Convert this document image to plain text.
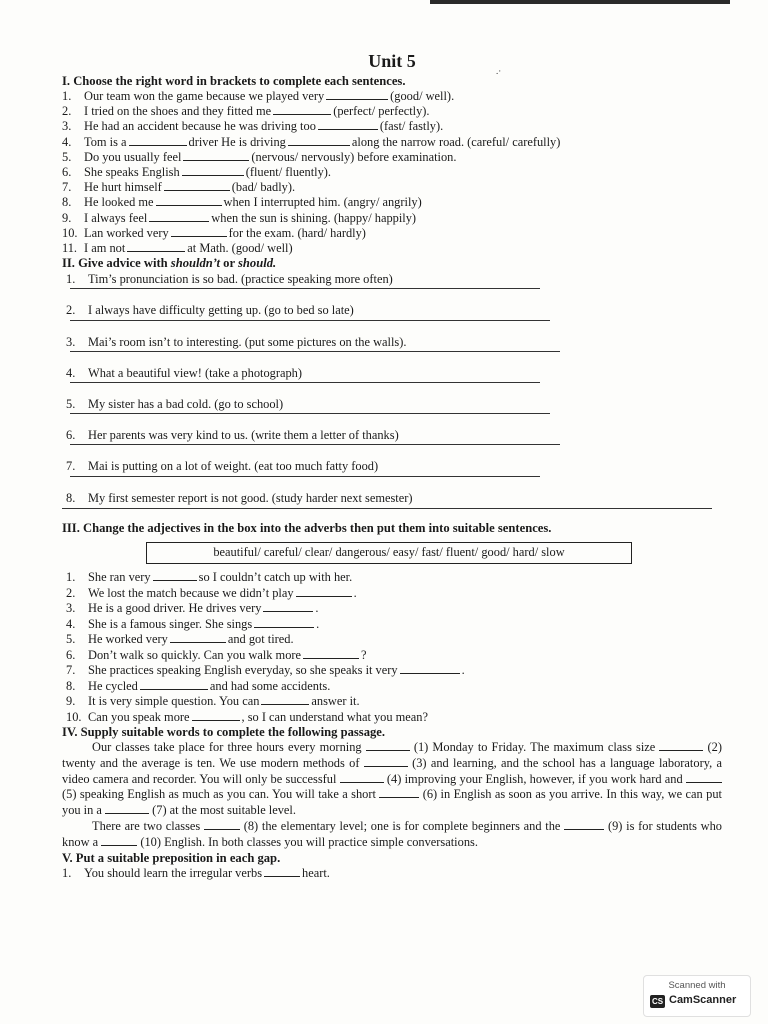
.·
Unit 5
I. Choose the right word in brackets to complete each sentences.
1. Our team won the game because we played very	(good/ well).
2. I tried on the shoes and they fitted me	(perfect/ perfectly).
3. He had an accident because he was driving too	(fast/ fastly).
4. Tom is a	driver He is driving	along the narrow road. (careful/ carefully)
5. Do you usually feel	(nervous/ nervously) before examination.
6. She speaks English	(fluent/ fluently).
7. He hurt himself	(bad/ badly).
8. He looked me	when I interrupted him. (angry/ angrily)
9. I always feel	when the sun is shining. (happy/ happily)
10. Lan worked very	for the exam. (hard/ hardly)
11. I am not	at Math. (good/ well)
II. Give advice with shouldn’t or should.
1. Tim’s pronunciation is so bad. (practice speaking more often)
2. I always have difficulty getting up. (go to bed so late)
3. Mai’s room isn’t to interesting. (put some pictures on the walls).
4. What a beautiful view! (take a photograph)
5. My sister has a bad cold. (go to school)
6. Her parents was very kind to us. (write them a letter of thanks)
7. Mai is putting on a lot of weight. (eat too much fatty food)
8. My first semester report is not good. (study harder next semester)
III. Change the adjectives in the box into the adverbs then put them into suitable sentences.
beautiful/ careful/ clear/ dangerous/ easy/ fast/ fluent/ good/ hard/ slow
1. She ran very	so I couldn’t catch up with her.
2. We lost the match because we didn’t play	.
3. He is a good driver. He drives very	.
4. She is a famous singer. She sings	.
5. He worked very	and got tired.
6. Don’t walk so quickly. Can you walk more	?
7. She practices speaking English everyday, so she speaks it very	.
8. He cycled	and had some accidents.
9. It is very simple question. You can	answer it.
10. Can you speak more	, so I can understand what you mean?
IV. Supply suitable words to complete the following passage.
Our classes take place for three hours every morning	(1) Monday to Friday. The maximum class size	(2) twenty and the average is ten. We use modern methods of	(3) and learning, and the school has a language laboratory, a video camera and recorder. You will only be successful	(4) improving your English, however, if you work hard and  (5) speaking English as much as you can. You will take a short	(6) in English as soon as you arrive. In this way, we can put you in a	(7) at the most suitable level.
There are two classes	(8) the elementary level; one is for complete beginners and the	(9) is for students who know a	(10) English. In both classes you will practice simple conversations.
V. Put a suitable preposition in each gap.
1. You should learn the irregular verbs	heart.
Scanned with
CS CamScanner
